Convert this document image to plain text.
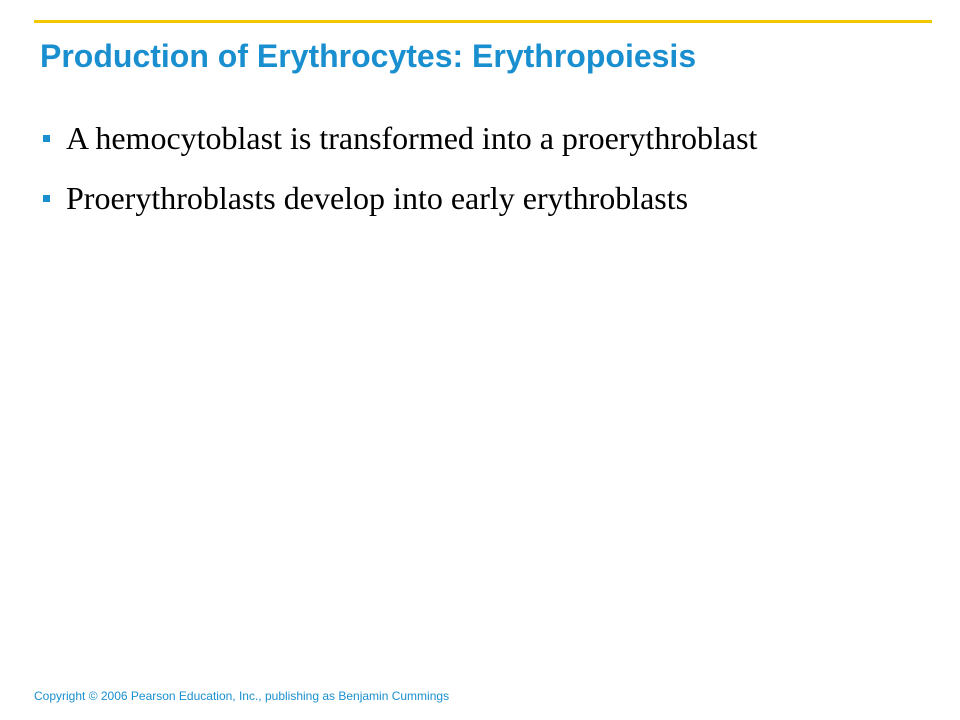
Production of Erythrocytes: Erythropoiesis
A hemocytoblast is transformed into a proerythroblast
Proerythroblasts develop into early erythroblasts
Copyright © 2006 Pearson Education, Inc., publishing as Benjamin Cummings
